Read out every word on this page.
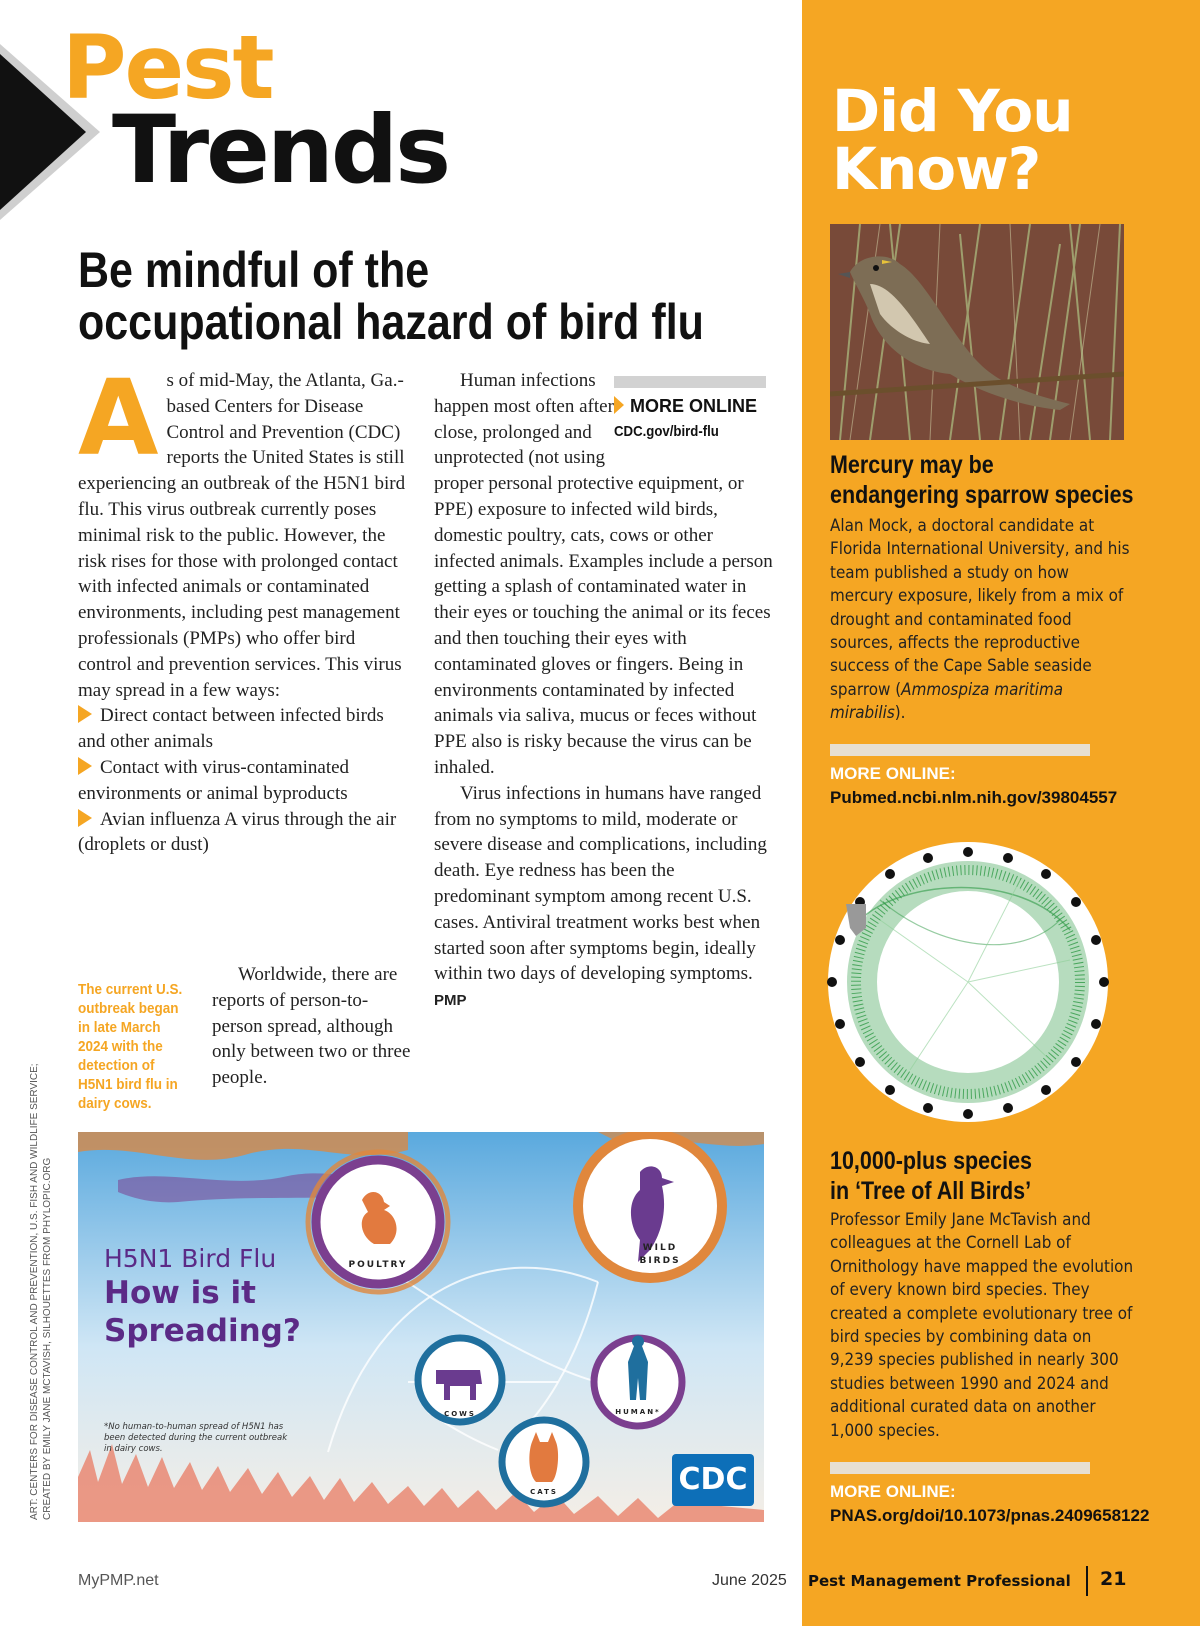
Pest
Trends
Be mindful of the
occupational hazard of bird flu
A s of mid-May, the Atlanta, Ga.-based Centers for Disease Control and Prevention (CDC) reports the United States is still experiencing an outbreak of the H5N1 bird flu. This virus outbreak currently poses minimal risk to the public. However, the risk rises for those with prolonged contact with infected animals or contaminated environments, including pest management professionals (PMPs) who offer bird control and prevention services. This virus may spread in a few ways:

Direct contact between infected birds and other animals

Contact with virus-contaminated environments or animal byproducts

Avian influenza A virus through the air (droplets or dust)

The current U.S. outbreak began in late March 2024 with the detection of H5N1 bird flu in dairy cows.
Worldwide, there are reports of person-to-person spread, although only between two or three people.

Human infections happen most often after close, prolonged and unprotected (not using proper personal protective equipment, or PPE) exposure to infected wild birds, domestic poultry, cats, cows or other infected animals. Examples include a person getting a splash of contaminated water in their eyes or touching the animal or its feces and then touching their eyes with contaminated gloves or fingers. Being in environments contaminated by infected animals via saliva, mucus or feces without PPE also is risky because the virus can be inhaled.

Virus infections in humans have ranged from no symptoms to mild, moderate or severe disease and complications, including death. Eye redness has been the predominant symptom among recent U.S. cases. Antiviral treatment works best when started soon after symptoms begin, ideally within two days of developing symptoms. PMP

MORE ONLINE
CDC.gov/bird-flu
H5N1 Bird Flu
How is it Spreading?
*No human-to-human spread of H5N1 has been detected during the current outbreak in dairy cows.
POULTRY
WILD BIRDS
COWS	HUMAN*
CATS	CDC
ART: CENTERS FOR DISEASE CONTROL AND PREVENTION, U.S. FISH AND WILDLIFE SERVICE; CREATED BY EMILY JANE MCTAVISH, SILHOUETTES FROM PHYLOPIC.ORG
Did You
Know?
Mercury may be
endangering sparrow species
Alan Mock, a doctoral candidate at Florida International University, and his team published a study on how mercury exposure, likely from a mix of drought and contaminated food sources, affects the reproductive success of the Cape Sable seaside sparrow (Ammospiza maritima mirabilis).
MORE ONLINE: Pubmed.ncbi.nlm.nih.gov/39804557
10,000-plus species
in ‘Tree of All Birds’
Professor Emily Jane McTavish and colleagues at the Cornell Lab of Ornithology have mapped the evolution of every known bird species. They created a complete evolutionary tree of bird species by combining data on 9,239 species published in nearly 300 studies between 1990 and 2024 and additional curated data on another 1,000 species.
MORE ONLINE: PNAS.org/doi/10.1073/pnas.2409658122
MyPMP.net	June 2025 Pest Management Professional 21
